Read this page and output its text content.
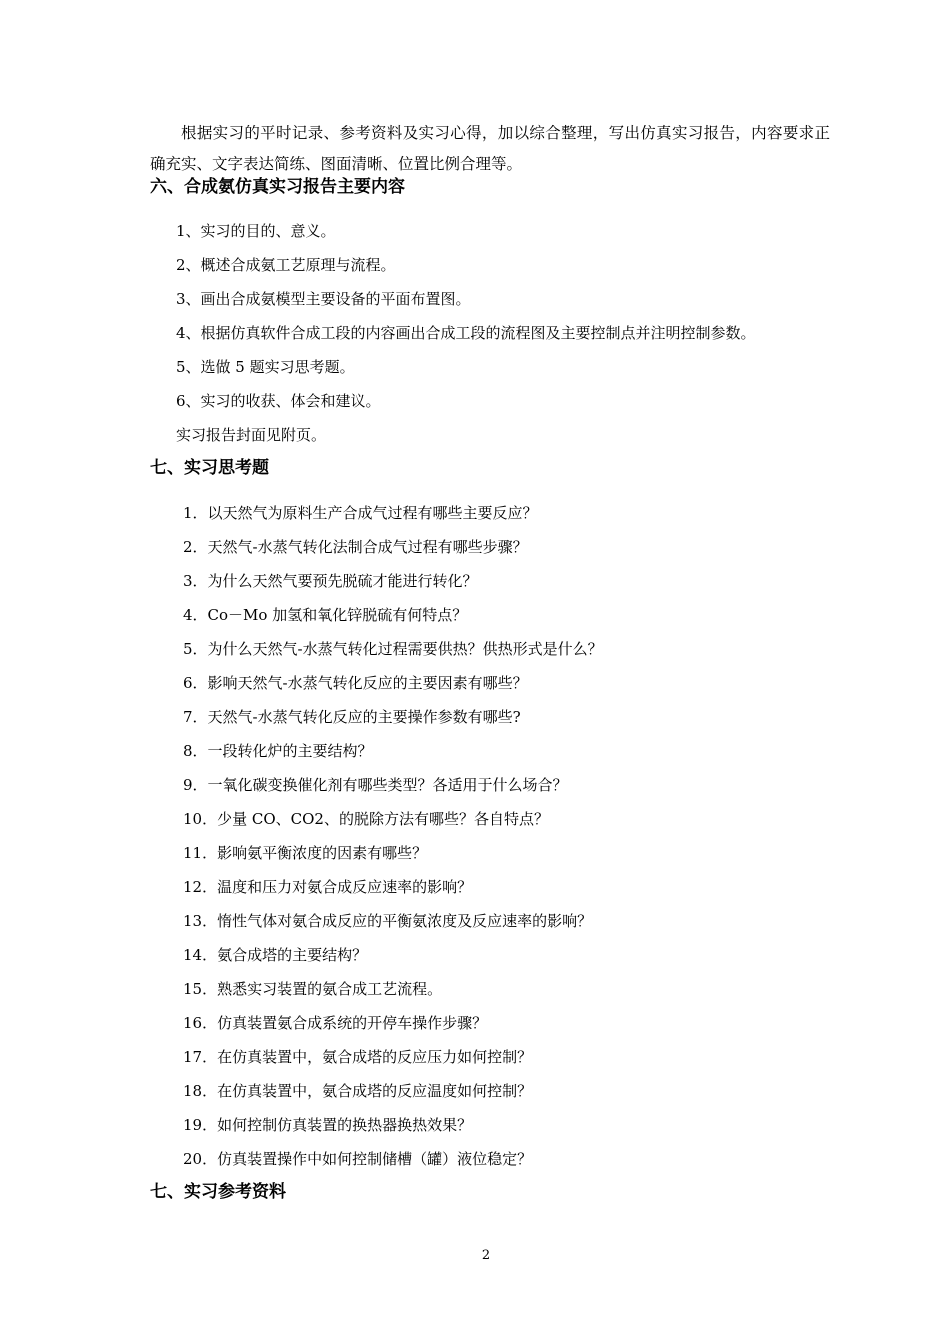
根据实习的平时记录、参考资料及实习心得，加以综合整理，写出仿真实习报告，内容要求正确充实、文字表达简练、图面清晰、位置比例合理等。
六、合成氨仿真实习报告主要内容
1、实习的目的、意义。
2、概述合成氨工艺原理与流程。
3、画出合成氨模型主要设备的平面布置图。
4、根据仿真软件合成工段的内容画出合成工段的流程图及主要控制点并注明控制参数。
5、选做 5 题实习思考题。
6、实习的收获、体会和建议。
实习报告封面见附页。
七、实习思考题
1．以天然气为原料生产合成气过程有哪些主要反应？
2．天然气-水蒸气转化法制合成气过程有哪些步骤？
3．为什么天然气要预先脱硫才能进行转化？
4．Co－Mo 加氢和氧化锌脱硫有何特点？
5．为什么天然气-水蒸气转化过程需要供热？供热形式是什么？
6．影响天然气-水蒸气转化反应的主要因素有哪些？
7．天然气-水蒸气转化反应的主要操作参数有哪些?
8．一段转化炉的主要结构？
9．一氧化碳变换催化剂有哪些类型？各适用于什么场合？
10．少量 CO、CO2、的脱除方法有哪些？各自特点？
11．影响氨平衡浓度的因素有哪些？
12．温度和压力对氨合成反应速率的影响？
13．惰性气体对氨合成反应的平衡氨浓度及反应速率的影响？
14．氨合成塔的主要结构？
15．熟悉实习装置的氨合成工艺流程。
16．仿真装置氨合成系统的开停车操作步骤？
17．在仿真装置中，氨合成塔的反应压力如何控制？
18．在仿真装置中，氨合成塔的反应温度如何控制？
19．如何控制仿真装置的换热器换热效果？
20．仿真装置操作中如何控制储槽（罐）液位稳定？
七、实习参考资料
2
